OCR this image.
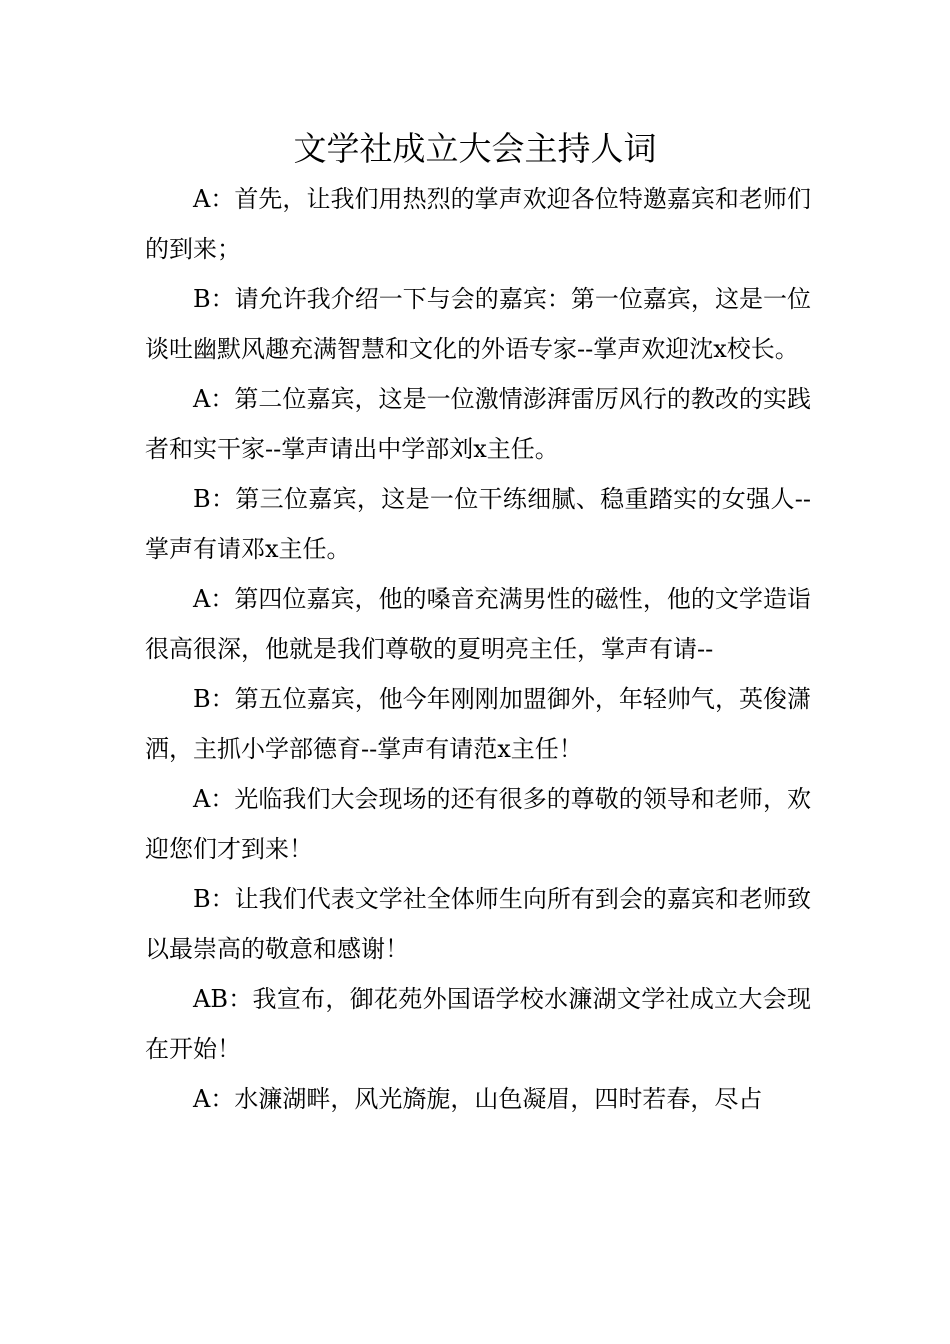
文学社成立大会主持人词

A：首先，让我们用热烈的掌声欢迎各位特邀嘉宾和老师们的到来；

B：请允许我介绍一下与会的嘉宾：第一位嘉宾，这是一位谈吐幽默风趣充满智慧和文化的外语专家--掌声欢迎沈x校长。

A：第二位嘉宾，这是一位激情澎湃雷厉风行的教改的实践者和实干家--掌声请出中学部刘x主任。

B：第三位嘉宾，这是一位干练细腻、稳重踏实的女强人--掌声有请邓x主任。

A：第四位嘉宾，他的嗓音充满男性的磁性，他的文学造诣很高很深，他就是我们尊敬的夏明亮主任，掌声有请--

B：第五位嘉宾，他今年刚刚加盟御外，年轻帅气，英俊潇洒，主抓小学部德育--掌声有请范x主任！

A：光临我们大会现场的还有很多的尊敬的领导和老师，欢迎您们才到来！

B：让我们代表文学社全体师生向所有到会的嘉宾和老师致以最崇高的敬意和感谢！

AB：我宣布，御花苑外国语学校水濂湖文学社成立大会现在开始！

A：水濂湖畔，风光旖旎，山色凝眉，四时若春，尽占
